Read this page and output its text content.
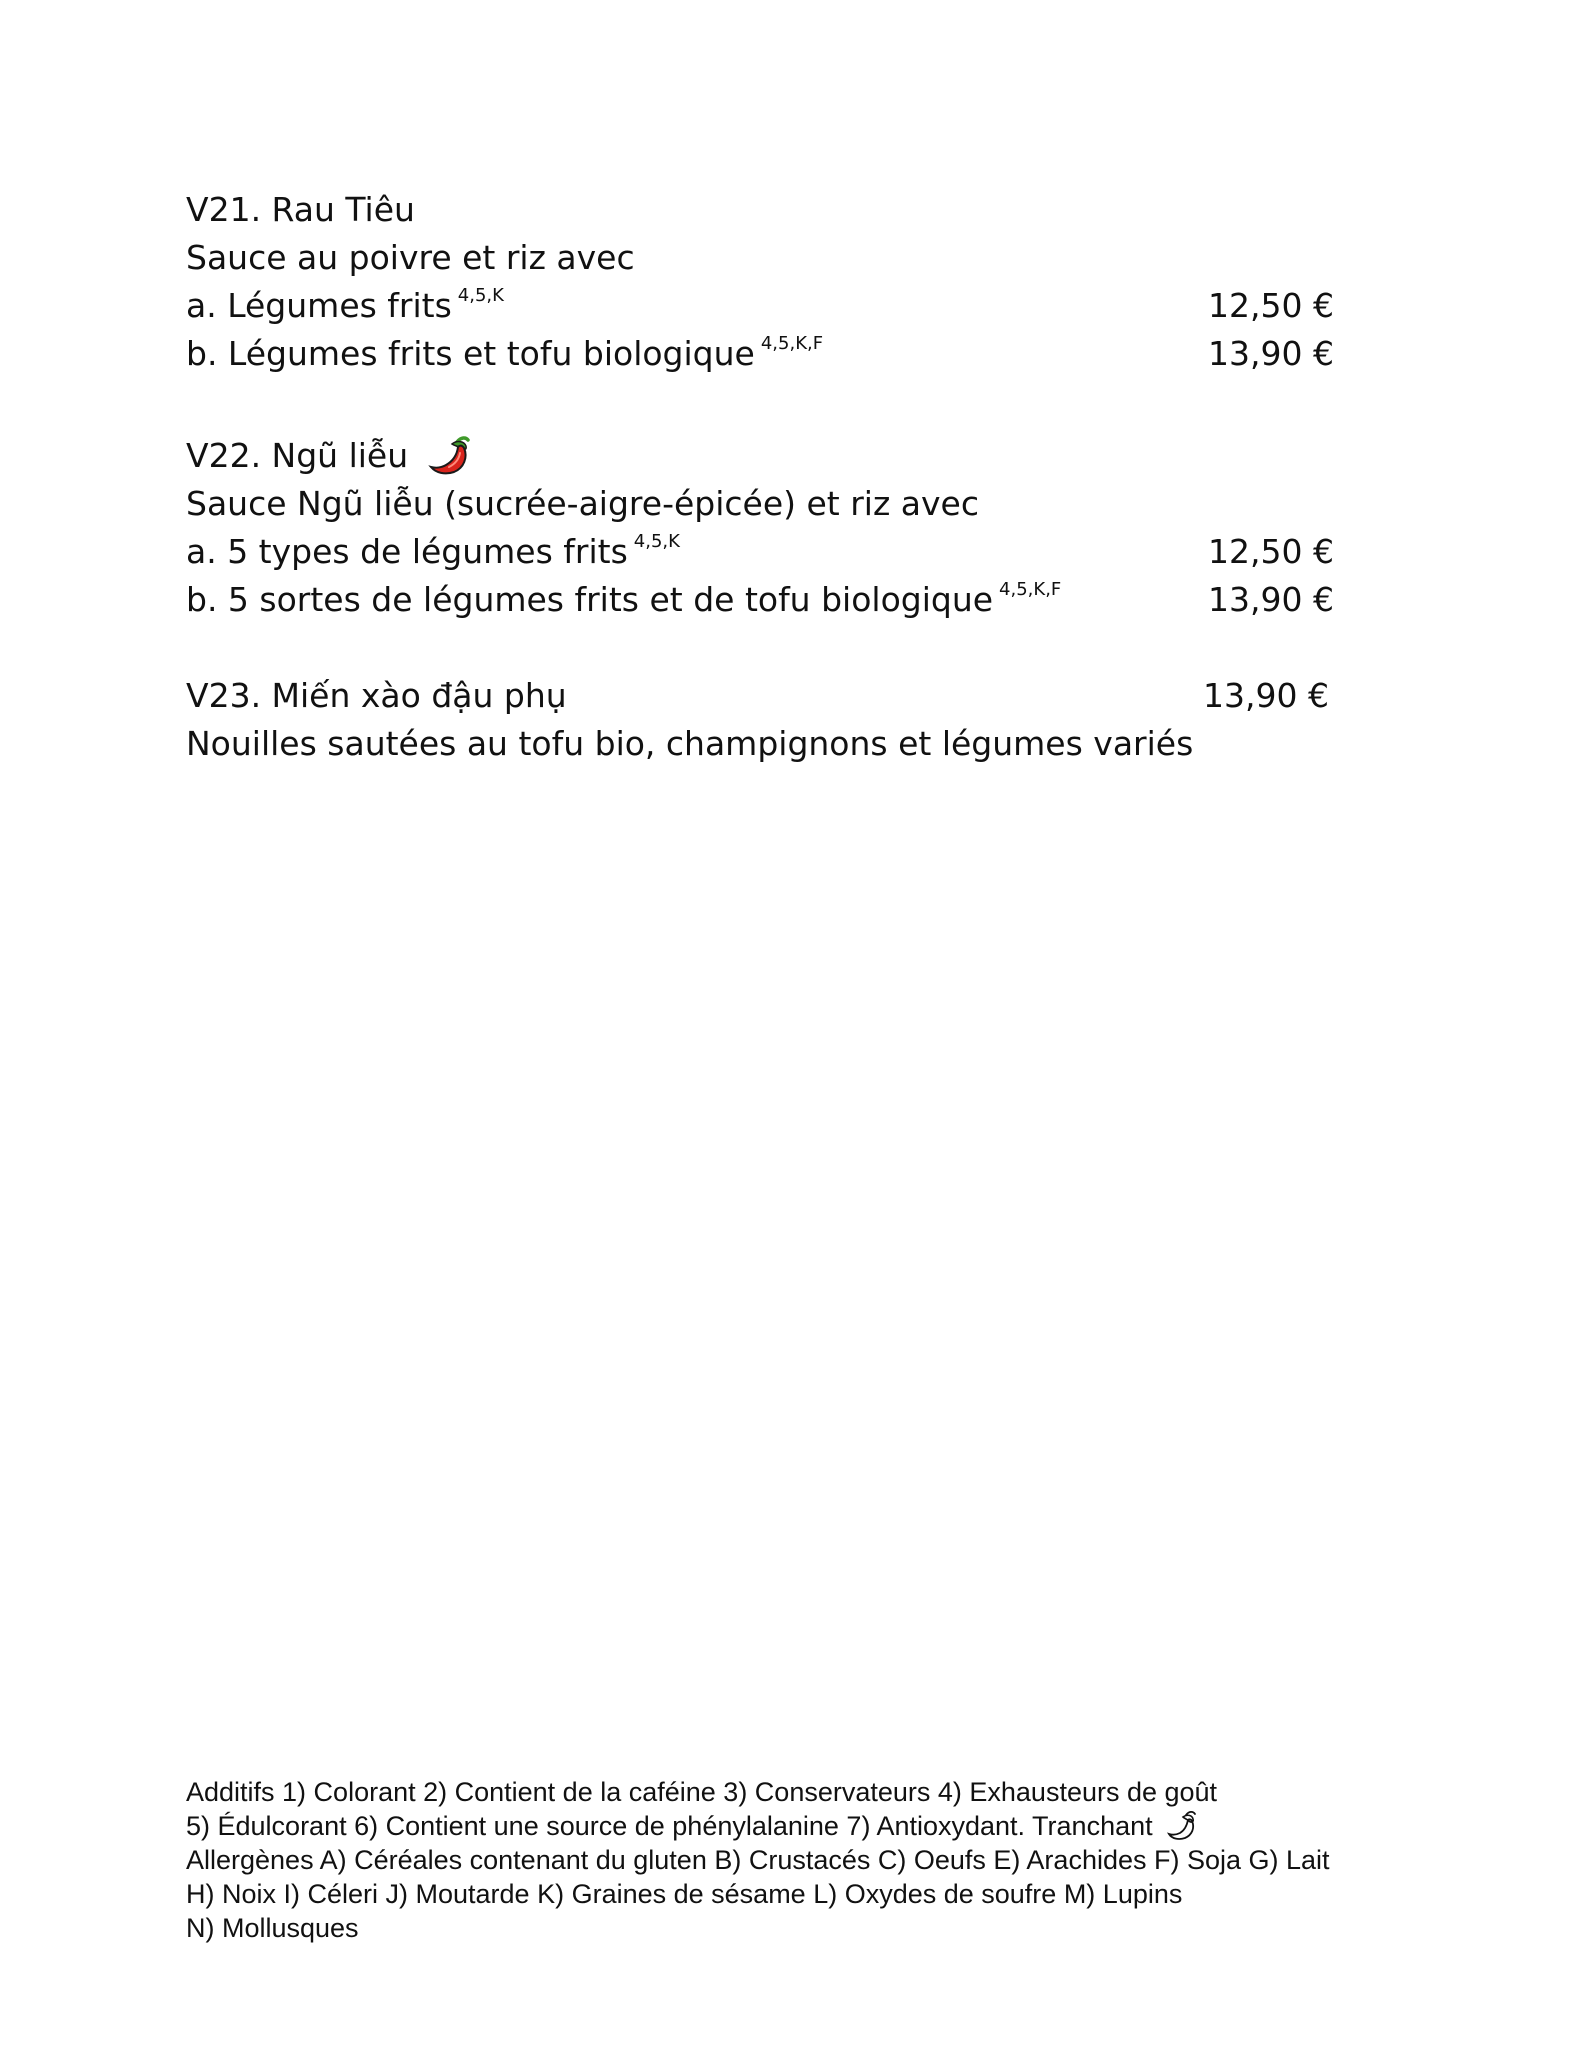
V21. Rau Tiêu
Sauce au poivre et riz avec
a. Légumes frits $^{4,5,K}$	12,50 €
b. Légumes frits et tofu biologique $^{4,5,K,F}$	13,90 €
V22. Ngũ liễu
Sauce Ngũ liễu (sucrée-aigre-épicée) et riz avec
a. 5 types de légumes frits $^{4,5,K}$	12,50 €
b. 5 sortes de légumes frits et de tofu biologique $^{4,5,K,F}$	13,90 €
V23. Miến xào đậu phụ	13,90 €
Nouilles sautées au tofu bio, champignons et légumes variés
Additifs 1) Colorant 2) Contient de la caféine 3) Conservateurs 4) Exhausteurs de goût
5) Édulcorant 6) Contient une source de phénylalanine 7) Antioxydant. Tranchant
Allergènes A) Céréales contenant du gluten B) Crustacés C) Oeufs E) Arachides F) Soja G) Lait
H) Noix I) Céleri J) Moutarde K) Graines de sésame L) Oxydes de soufre M) Lupins
N) Mollusques
